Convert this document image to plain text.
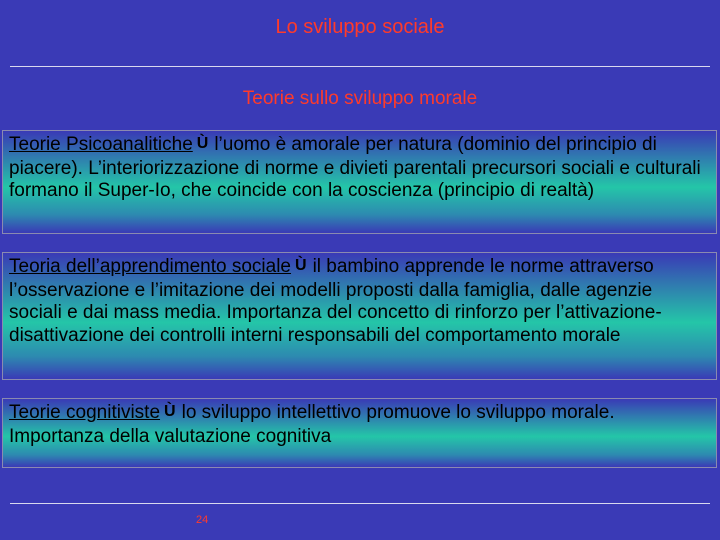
Lo sviluppo sociale
Teorie sullo sviluppo morale
Teorie Psicoanalitiche Ù l’uomo è amorale per natura (dominio del principio di piacere). L’interiorizzazione di norme e divieti parentali precursori sociali e culturali formano il Super-Io, che coincide con la coscienza (principio di realtà)
Teoria dell’apprendimento sociale Ù il bambino apprende le norme attraverso l’osservazione e l’imitazione dei modelli proposti dalla famiglia, dalle agenzie sociali e dai mass media. Importanza del concetto di rinforzo per l’attivazione-disattivazione dei controlli interni responsabili del comportamento morale
Teorie cognitiviste Ù lo sviluppo intellettivo promuove lo sviluppo morale. Importanza della valutazione cognitiva
24
